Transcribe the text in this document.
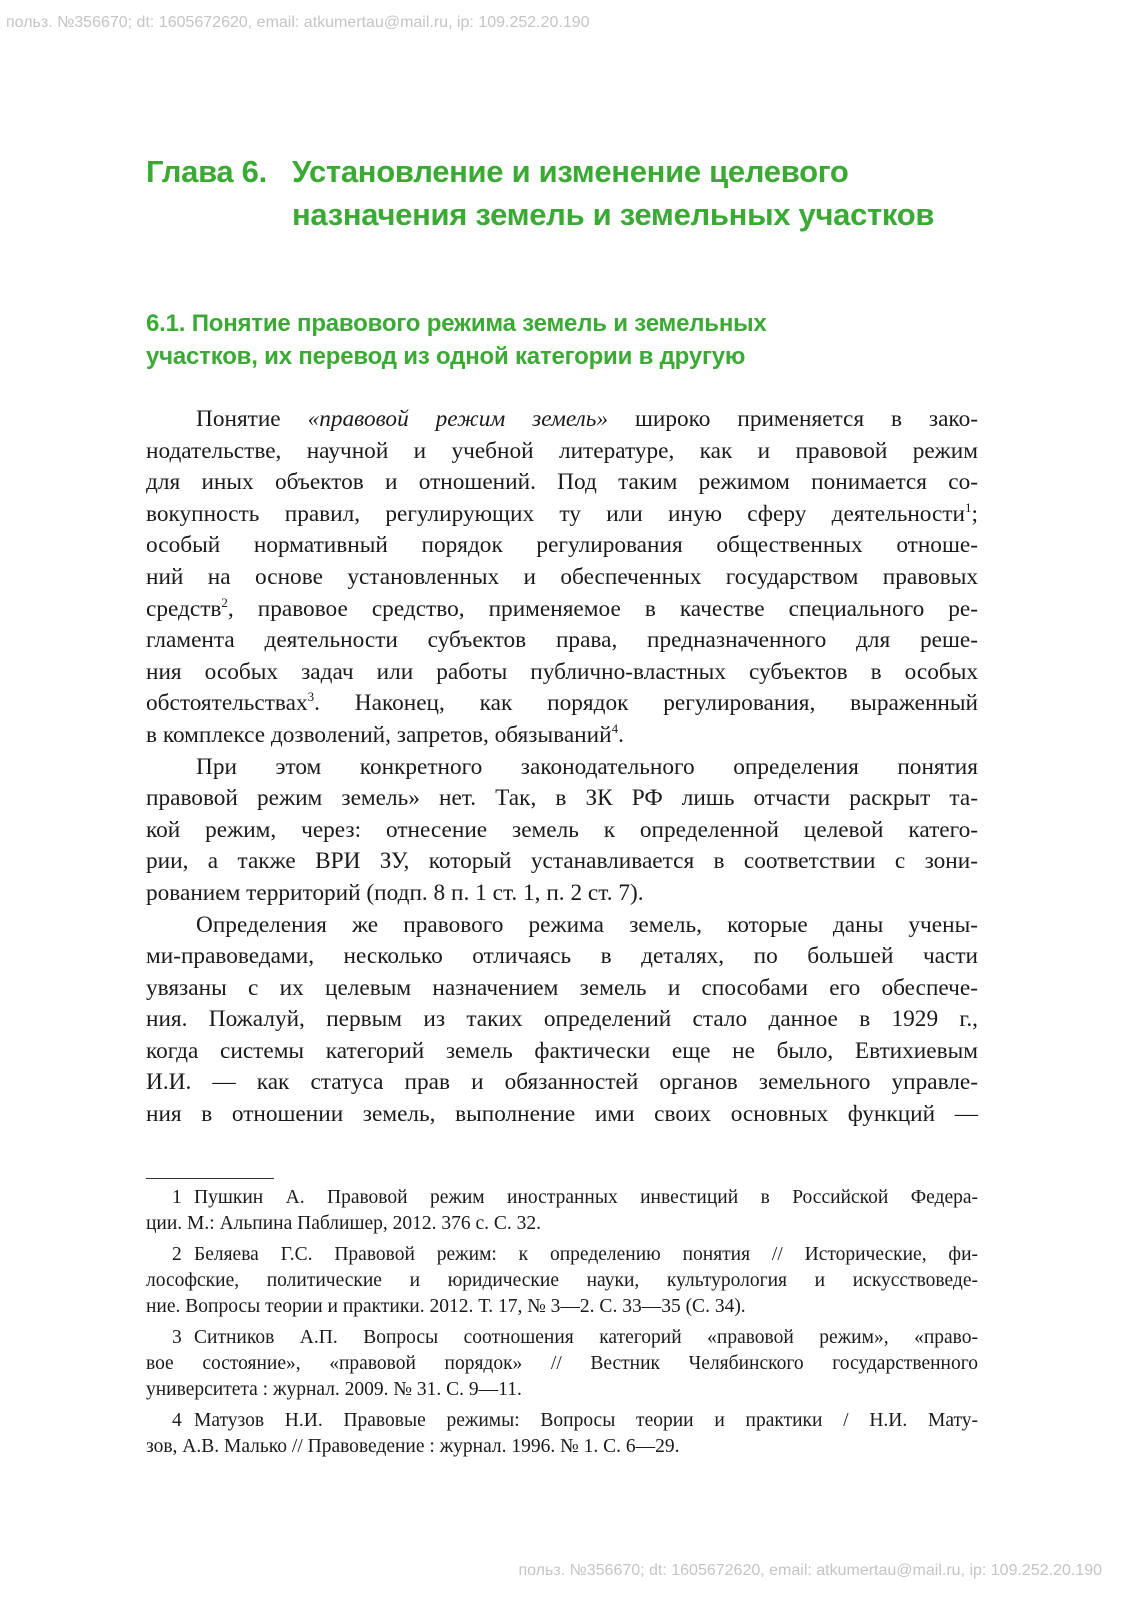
польз. №356670; dt: 1605672620, email: atkumertau@mail.ru, ip: 109.252.20.190
Глава 6. Установление и изменение целевого
назначения земель и земельных участков
6.1. Понятие правового режима земель и земельных
участков, их перевод из одной категории в другую
Понятие «правовой режим земель» широко применяется в зако-
нодательстве, научной и учебной литературе, как и правовой режим
для иных объектов и отношений. Под таким режимом понимается со-
вокупность правил, регулирующих ту или иную сферу деятельности$^1$;
особый нормативный порядок регулирования общественных отноше-
ний на основе установленных и обеспеченных государством правовых
средств$^2$, правовое средство, применяемое в качестве специального ре-
гламента деятельности субъектов права, предназначенного для реше-
ния особых задач или работы публично-властных субъектов в особых
обстоятельствах$^3$. Наконец, как порядок регулирования, выраженный
в комплексе дозволений, запретов, обязываний$^4$.
При этом конкретного законодательного определения понятия
правовой режим земель» нет. Так, в ЗК РФ лишь отчасти раскрыт та-
кой режим, через: отнесение земель к определенной целевой катего-
рии, а также ВРИ ЗУ, который устанавливается в соответствии с зони-
рованием территорий (подп. 8 п. 1 ст. 1, п. 2 ст. 7).
Определения же правового режима земель, которые даны учены-
ми-правоведами, несколько отличаясь в деталях, по большей части
увязаны с их целевым назначением земель и способами его обеспече-
ния. Пожалуй, первым из таких определений стало данное в 1929 г.,
когда системы категорий земель фактически еще не было, Евтихиевым
И.И. — как статуса прав и обязанностей органов земельного управле-
ния в отношении земель, выполнение ими своих основных функций —
1 Пушкин А. Правовой режим иностранных инвестиций в Российской Федера-
ции. М.: Альпина Паблишер, 2012. 376 с. С. 32.
2 Беляева Г.С. Правовой режим: к определению понятия // Исторические, фи-
лософские, политические и юридические науки, культурология и искусствоведе-
ние. Вопросы теории и практики. 2012. Т. 17, № 3—2. С. 33—35 (С. 34).
3 Ситников А.П. Вопросы соотношения категорий «правовой режим», «право-
вое состояние», «правовой порядок» // Вестник Челябинского государственного
университета : журнал. 2009. № 31. С. 9—11.
4 Матузов Н.И. Правовые режимы: Вопросы теории и практики / Н.И. Мату-
зов, А.В. Малько // Правоведение : журнал. 1996. № 1. С. 6—29.
польз. №356670; dt: 1605672620, email: atkumertau@mail.ru, ip: 109.252.20.190
